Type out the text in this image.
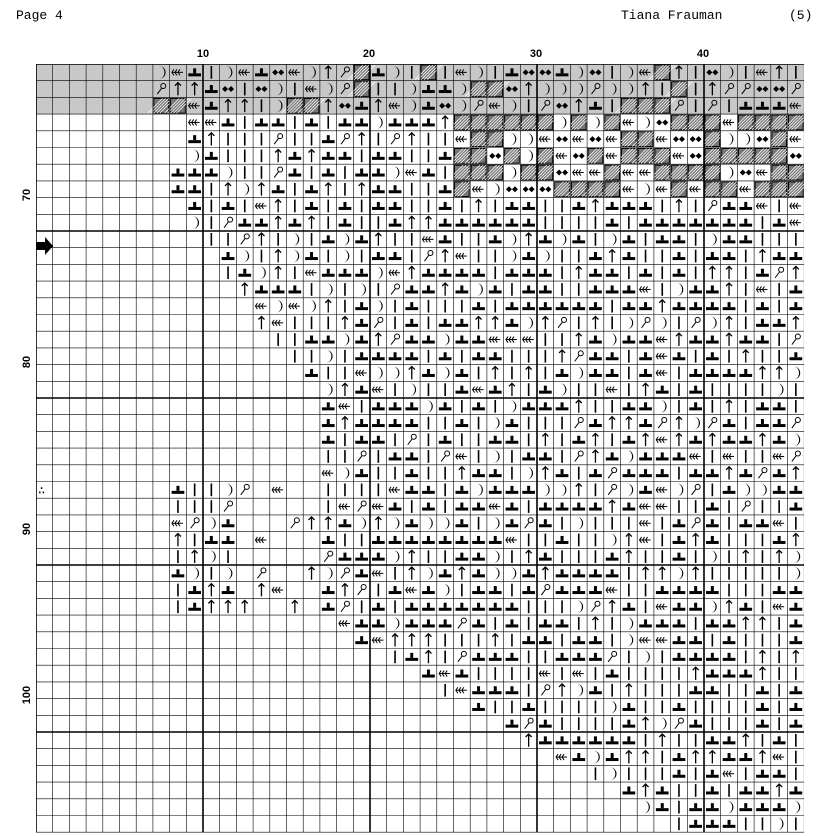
Page 4	Tiana Frauman	(5)
10	20	30	40
70
80
90
100
∴
